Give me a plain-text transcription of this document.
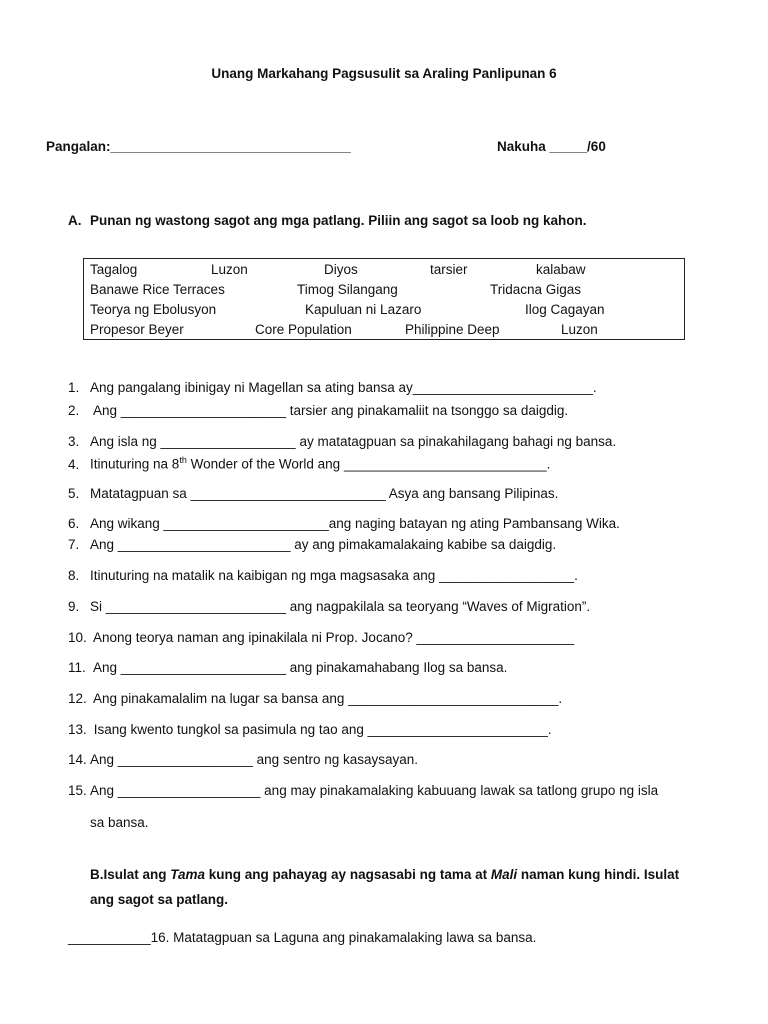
Unang Markahang Pagsusulit sa Araling Panlipunan 6
Pangalan:________________________________	Nakuha _____/60
A. Punan ng wastong sagot ang mga patlang. Piliin ang sagot sa loob ng kahon.
Tagalog	Luzon	Diyos	tarsier	kalabaw
Banawe Rice Terraces	Timog Silangang	Tridacna Gigas
Teorya ng Ebolusyon	Kapuluan ni Lazaro	Ilog Cagayan
Propesor Beyer	Core Population	Philippine Deep	Luzon
1. Ang pangalang ibinigay ni Magellan sa ating bansa ay________________________.
2. Ang ______________________ tarsier ang pinakamaliit na tsonggo sa daigdig.
3. Ang isla ng __________________ ay matatagpuan sa pinakahilagang bahagi ng bansa.
4. Itinuturing na 8th Wonder of the World ang ___________________________.
5. Matatagpuan sa __________________________ Asya ang bansang Pilipinas.
6. Ang wikang ______________________ang naging batayan ng ating Pambansang Wika.
7. Ang _______________________ ay ang pimakamalakaing kabibe sa daigdig.
8. Itinuturing na matalik na kaibigan ng mga magsasaka ang __________________.
9. Si ________________________ ang nagpakilala sa teoryang “Waves of Migration”.
10. Anong teorya naman ang ipinakilala ni Prop. Jocano? _____________________
11. Ang ______________________ ang pinakamahabang Ilog sa bansa.
12. Ang pinakamalalim na lugar sa bansa ang ____________________________.
13. Isang kwento tungkol sa pasimula ng tao ang ________________________.
14. Ang __________________ ang sentro ng kasaysayan.
15. Ang ___________________ ang may pinakamalaking kabuuang lawak sa tatlong grupo ng isla
sa bansa.
B.Isulat ang Tama kung ang pahayag ay nagsasabi ng tama at Mali naman kung hindi. Isulat
ang sagot sa patlang.
___________16. Matatagpuan sa Laguna ang pinakamalaking lawa sa bansa.
